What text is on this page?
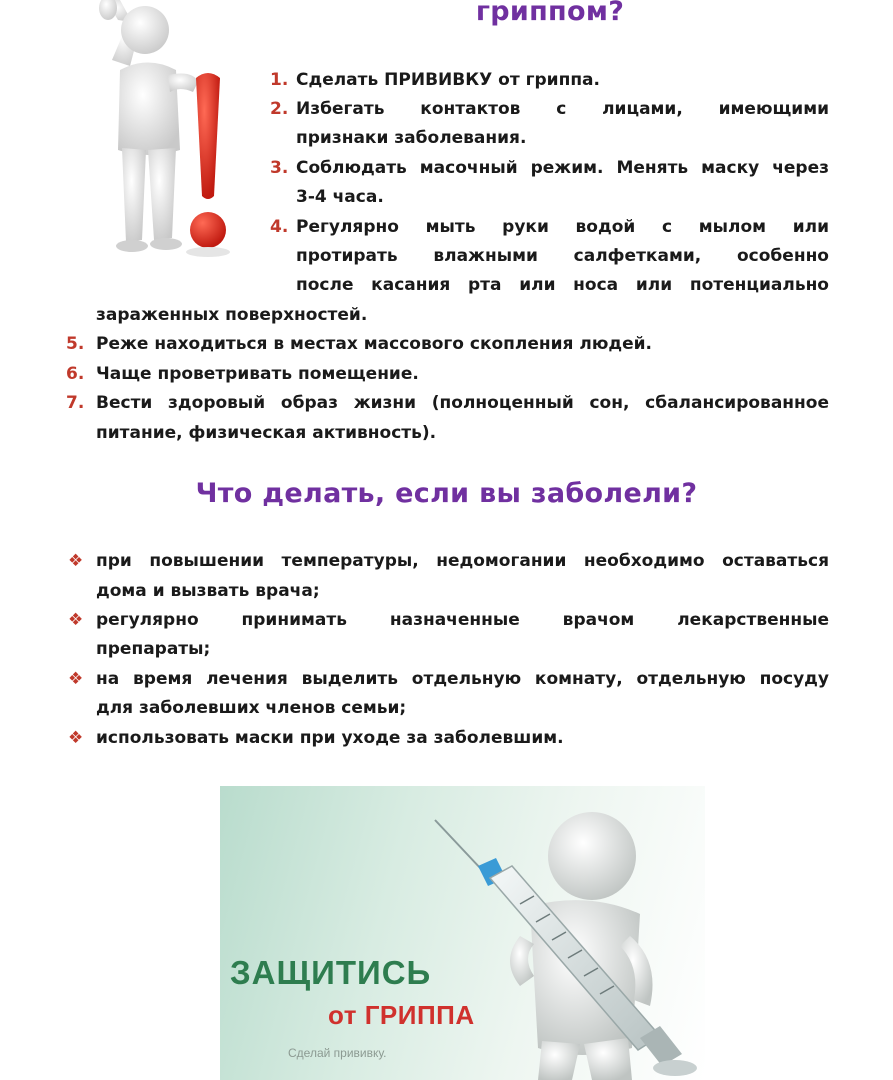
гриппом?
1. Сделать ПРИВИВКУ от гриппа.
2. Избегать контактов с лицами, имеющими
признаки заболевания.
3. Соблюдать масочный режим. Менять маску через
3-4 часа.
4. Регулярно мыть руки водой с мылом или
протирать влажными салфетками, особенно
после касания рта или носа или потенциально
зараженных поверхностей.
5. Реже находиться в местах массового скопления людей.
6. Чаще проветривать помещение.
7. Вести здоровый образ жизни (полноценный сон, сбалансированное
питание, физическая активность).
Что делать, если вы заболели?
❖ при повышении температуры, недомогании необходимо оставаться
дома и вызвать врача;
❖ регулярно принимать назначенные врачом лекарственные
препараты;
❖ на время лечения выделить отдельную комнату, отдельную посуду
для заболевших членов семьи;
❖ использовать маски при уходе за заболевшим.
ЗАЩИТИСЬ
от ГРИППА
Сделай прививку.
